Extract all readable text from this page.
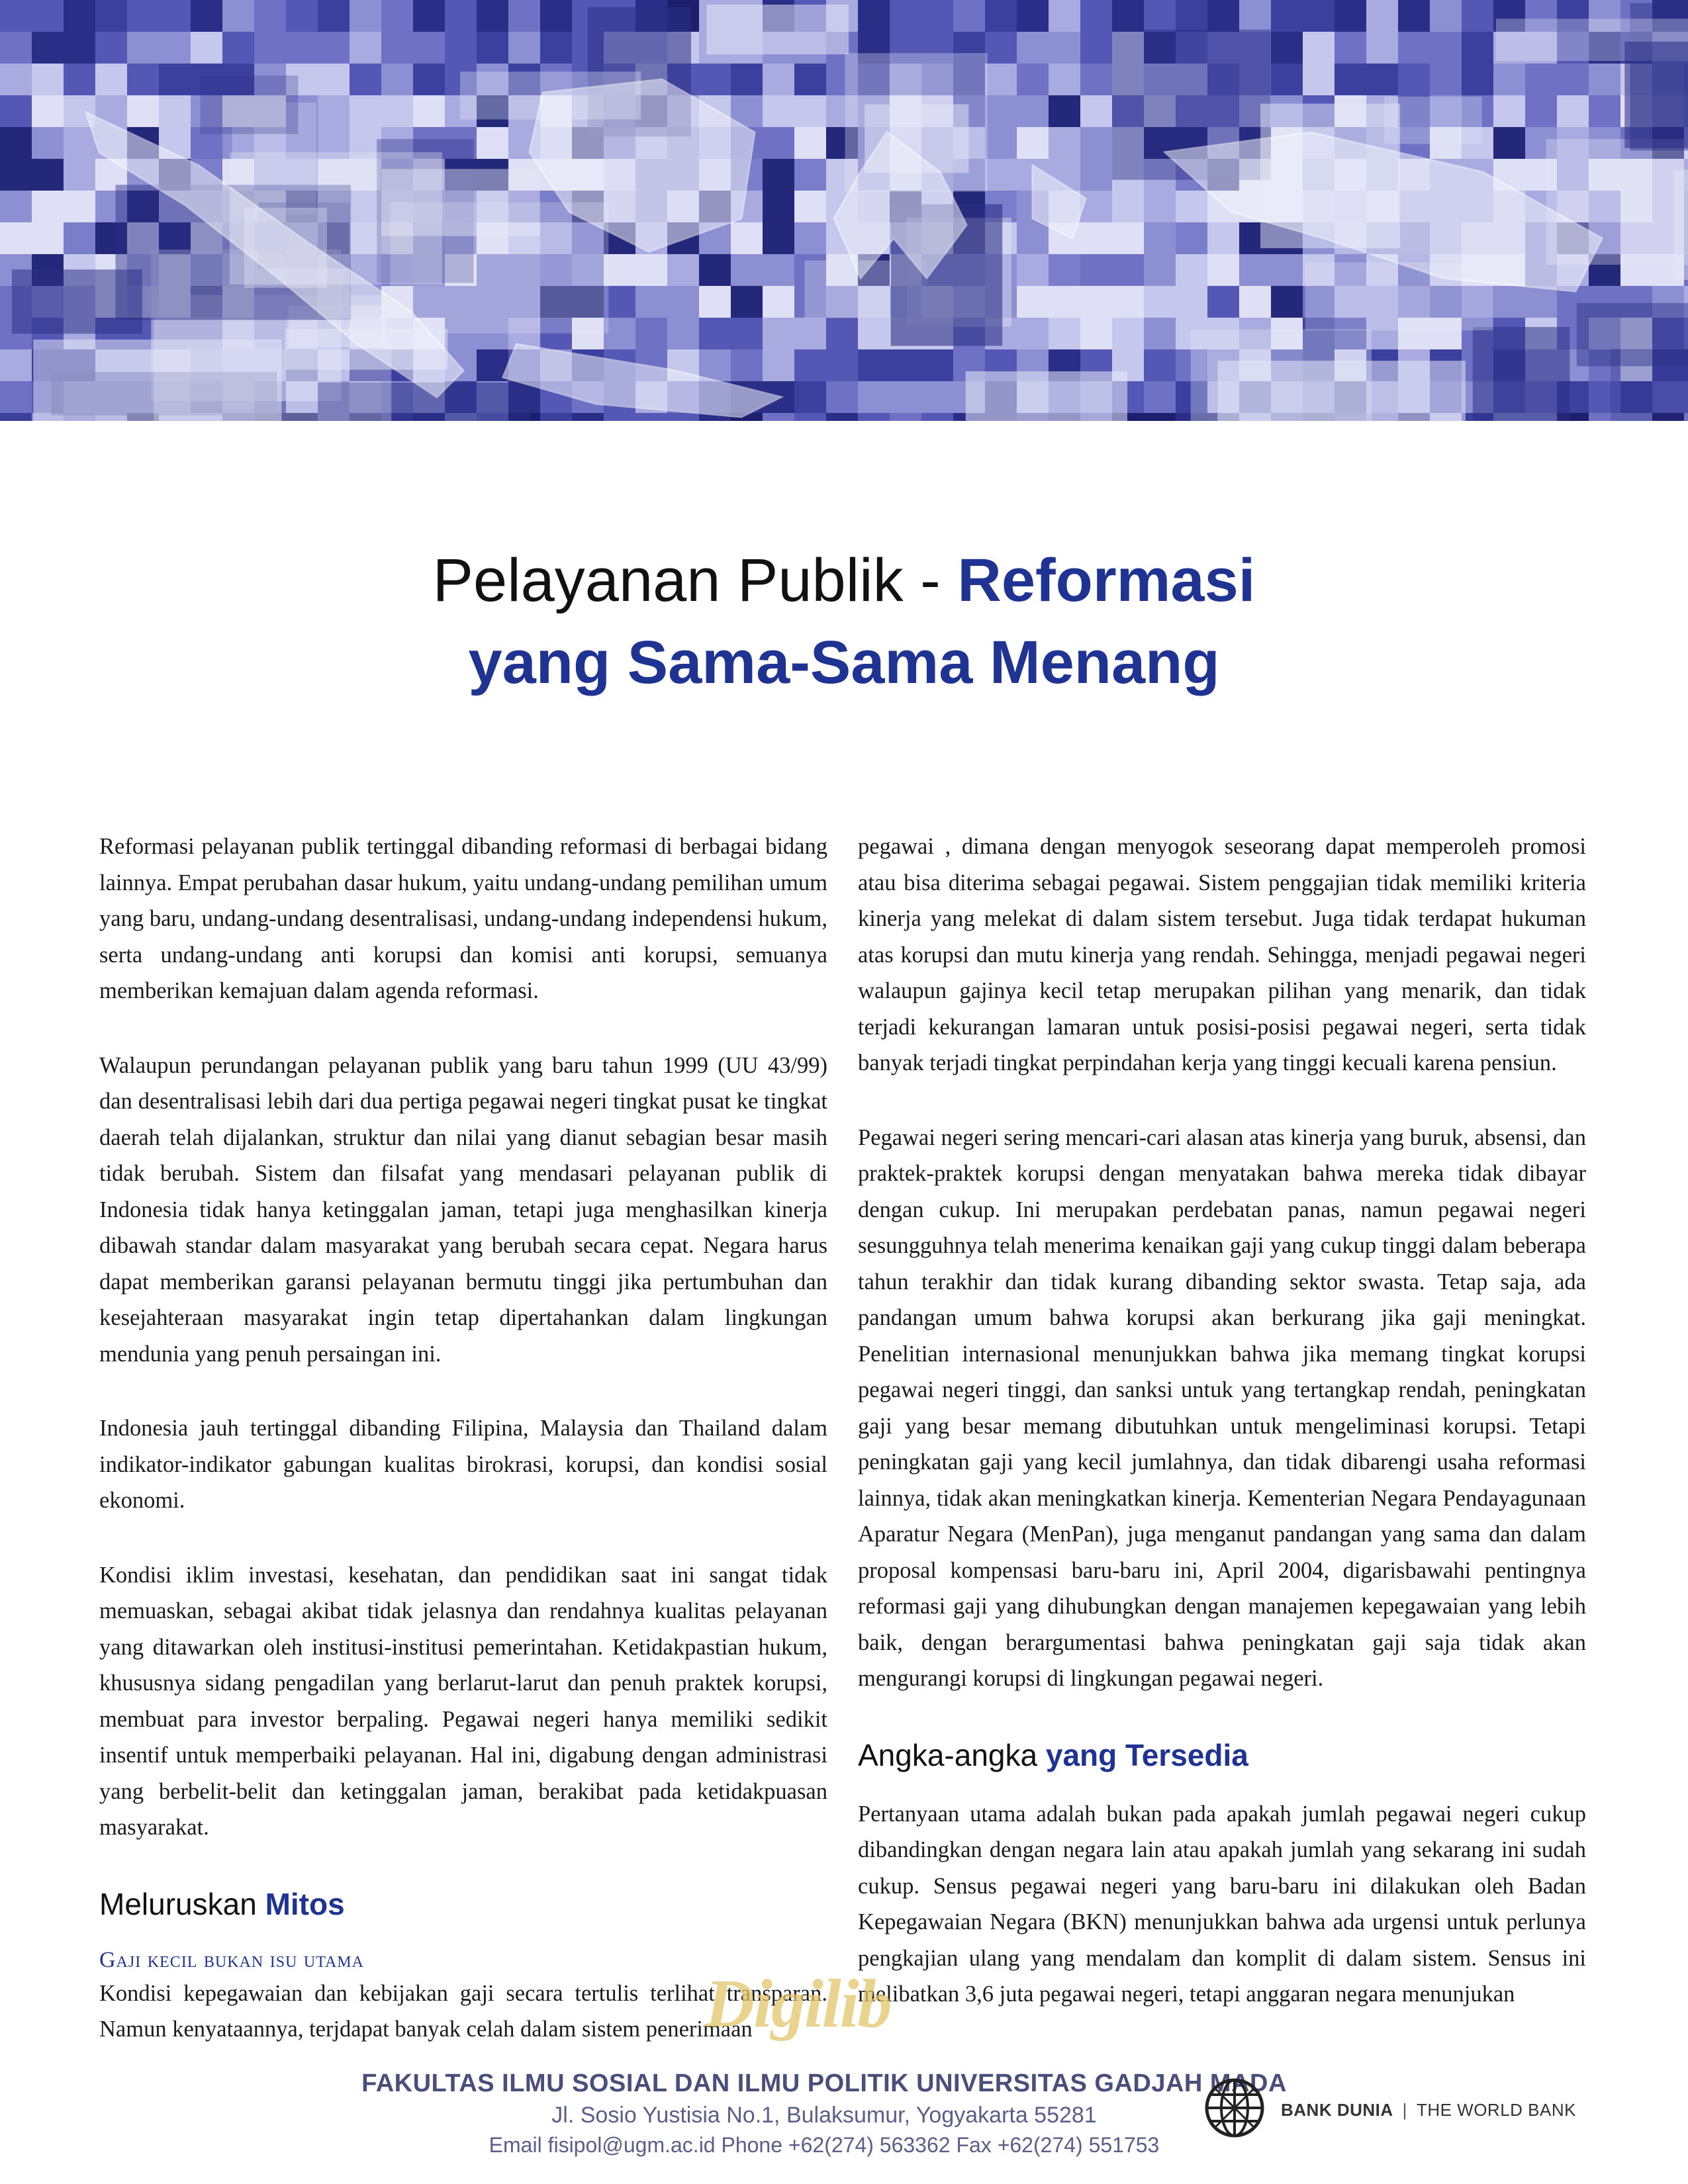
Pelayanan Publik - Reformasi
yang Sama-Sama Menang

Reformasi pelayanan publik tertinggal dibanding reformasi di berbagai bidang lainnya. Empat perubahan dasar hukum, yaitu undang-undang pemilihan umum yang baru, undang-undang desentralisasi, undang-undang independensi hukum, serta undang-undang anti korupsi dan komisi anti korupsi, semuanya memberikan kemajuan dalam agenda reformasi.

Walaupun perundangan pelayanan publik yang baru tahun 1999 (UU 43/99) dan desentralisasi lebih dari dua pertiga pegawai negeri tingkat pusat ke tingkat daerah telah dijalankan, struktur dan nilai yang dianut sebagian besar masih tidak berubah. Sistem dan filsafat yang mendasari pelayanan publik di Indonesia tidak hanya ketinggalan jaman, tetapi juga menghasilkan kinerja dibawah standar dalam masyarakat yang berubah secara cepat. Negara harus dapat memberikan garansi pelayanan bermutu tinggi jika pertumbuhan dan kesejahteraan masyarakat ingin tetap dipertahankan dalam lingkungan mendunia yang penuh persaingan ini.

Indonesia jauh tertinggal dibanding Filipina, Malaysia dan Thailand dalam indikator-indikator gabungan kualitas birokrasi, korupsi, dan kondisi sosial ekonomi.

Kondisi iklim investasi, kesehatan, dan pendidikan saat ini sangat tidak memuaskan, sebagai akibat tidak jelasnya dan rendahnya kualitas pelayanan yang ditawarkan oleh institusi-institusi pemerintahan. Ketidakpastian hukum, khususnya sidang pengadilan yang berlarut-larut dan penuh praktek korupsi, membuat para investor berpaling. Pegawai negeri hanya memiliki sedikit insentif untuk memperbaiki pelayanan. Hal ini, digabung dengan administrasi yang berbelit-belit dan ketinggalan jaman, berakibat pada ketidakpuasan masyarakat.

Meluruskan Mitos
Gaji kecil bukan isu utama

Kondisi kepegawaian dan kebijakan gaji secara tertulis terlihat transparan. Namun kenyataannya, terjdapat banyak celah dalam sistem penerimaan

pegawai , dimana dengan menyogok seseorang dapat memperoleh promosi atau bisa diterima sebagai pegawai. Sistem penggajian tidak memiliki kriteria kinerja yang melekat di dalam sistem tersebut. Juga tidak terdapat hukuman atas korupsi dan mutu kinerja yang rendah. Sehingga, menjadi pegawai negeri walaupun gajinya kecil tetap merupakan pilihan yang menarik, dan tidak terjadi kekurangan lamaran untuk posisi-posisi pegawai negeri, serta tidak banyak terjadi tingkat perpindahan kerja yang tinggi kecuali karena pensiun.

Pegawai negeri sering mencari-cari alasan atas kinerja yang buruk, absensi, dan praktek-praktek korupsi dengan menyatakan bahwa mereka tidak dibayar dengan cukup. Ini merupakan perdebatan panas, namun pegawai negeri sesungguhnya telah menerima kenaikan gaji yang cukup tinggi dalam beberapa tahun terakhir dan tidak kurang dibanding sektor swasta. Tetap saja, ada pandangan umum bahwa korupsi akan berkurang jika gaji meningkat. Penelitian internasional menunjukkan bahwa jika memang tingkat korupsi pegawai negeri tinggi, dan sanksi untuk yang tertangkap rendah, peningkatan gaji yang besar memang dibutuhkan untuk mengeliminasi korupsi. Tetapi peningkatan gaji yang kecil jumlahnya, dan tidak dibarengi usaha reformasi lainnya, tidak akan meningkatkan kinerja. Kementerian Negara Pendayagunaan Aparatur Negara (MenPan), juga menganut pandangan yang sama dan dalam proposal kompensasi baru-baru ini, April 2004, digarisbawahi pentingnya reformasi gaji yang dihubungkan dengan manajemen kepegawaian yang lebih baik, dengan berargumentasi bahwa peningkatan gaji saja tidak akan mengurangi korupsi di lingkungan pegawai negeri.

Angka-angka yang Tersedia

Pertanyaan utama adalah bukan pada apakah jumlah pegawai negeri cukup dibandingkan dengan negara lain atau apakah jumlah yang sekarang ini sudah cukup. Sensus pegawai negeri yang baru-baru ini dilakukan oleh Badan Kepegawaian Negara (BKN) menunjukkan bahwa ada urgensi untuk perlunya pengkajian ulang yang mendalam dan komplit di dalam sistem. Sensus ini melibatkan 3,6 juta pegawai negeri, tetapi anggaran negara menunjukan

Digilib
FAKULTAS ILMU SOSIAL DAN ILMU POLITIK UNIVERSITAS GADJAH MADA
Jl. Sosio Yustisia No.1, Bulaksumur, Yogyakarta 55281
Email fisipol@ugm.ac.id Phone +62(274) 563362 Fax +62(274) 551753
BANK DUNIA | THE WORLD BANK
